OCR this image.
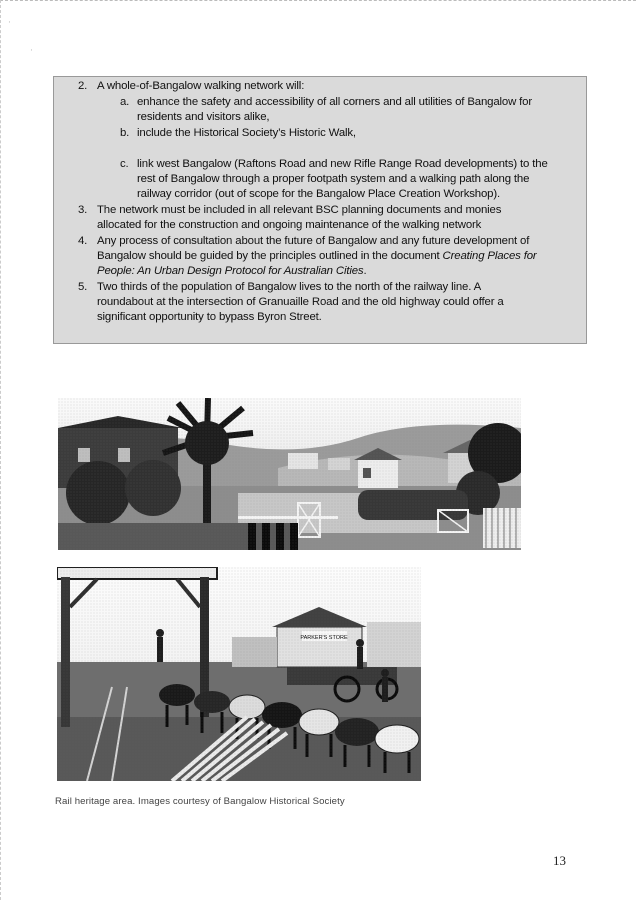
·
·
2. A whole-of-Bangalow walking network will:
a. enhance the safety and accessibility of all corners and all utilities of Bangalow for
residents and visitors alike,
b. include the Historical Society’s Historic Walk,
c. link west Bangalow (Raftons Road and new Rifle Range Road developments) to the
rest of Bangalow through a proper footpath system and a walking path along the
railway corridor (out of scope for the Bangalow Place Creation Workshop).
3. The network must be included in all relevant BSC planning documents and monies
allocated for the construction and ongoing maintenance of the walking network
4. Any process of consultation about the future of Bangalow and any future development of
Bangalow should be guided by the principles outlined in the document Creating Places for
People: An Urban Design Protocol for Australian Cities.
5. Two thirds of the population of Bangalow lives to the north of the railway line. A
roundabout at the intersection of Granuaille Road and the old highway could offer a
significant opportunity to bypass Byron Street.
Rail heritage area. Images courtesy of Bangalow Historical Society
13
